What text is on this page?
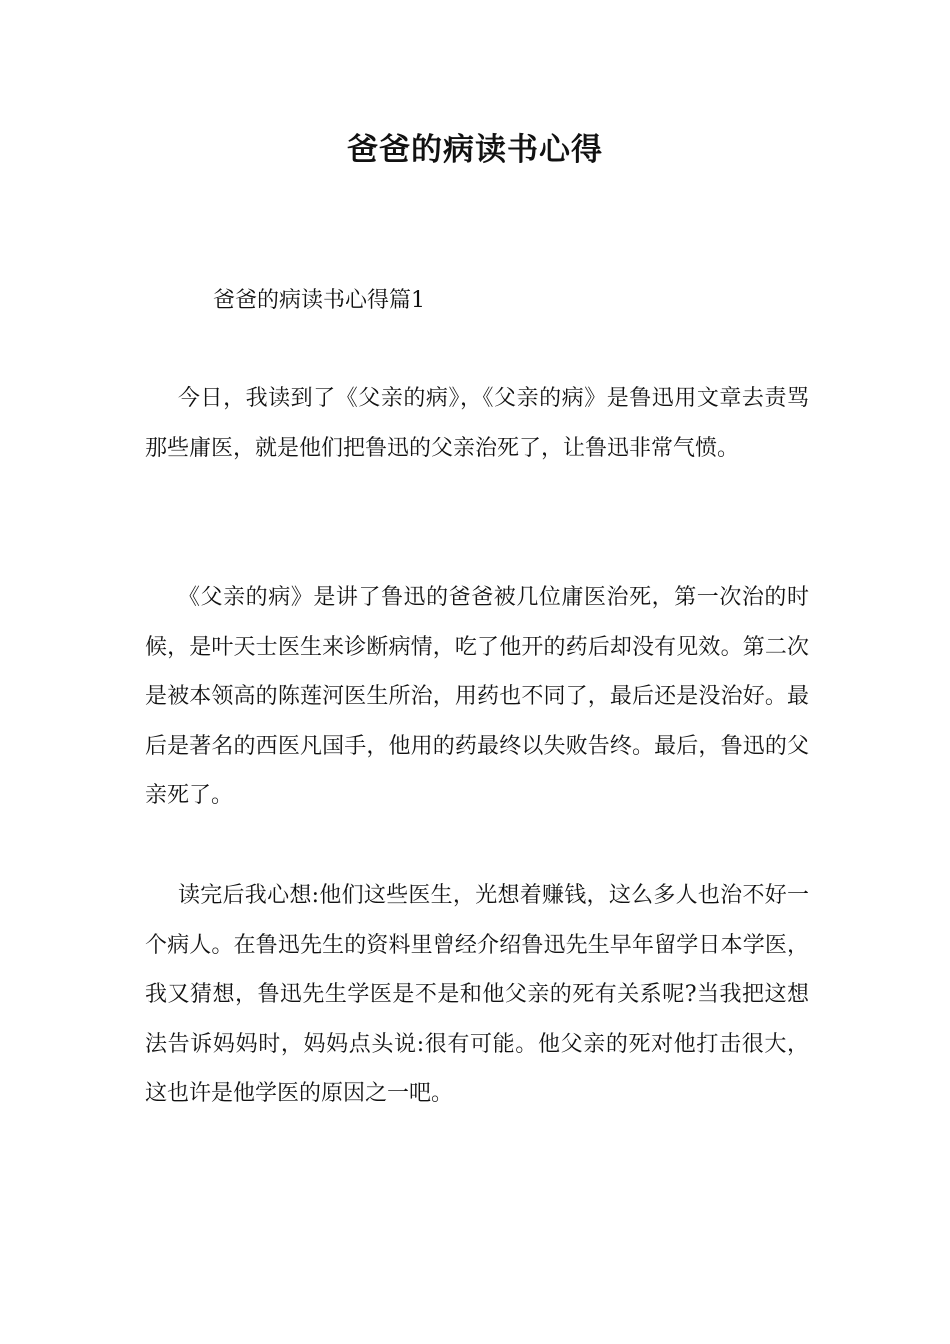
爸爸的病读书心得
爸爸的病读书心得篇1

今日，我读到了《父亲的病》，《父亲的病》是鲁迅用文章去责骂那些庸医，就是他们把鲁迅的父亲治死了，让鲁迅非常气愤。

《父亲的病》是讲了鲁迅的爸爸被几位庸医治死，第一次治的时候，是叶天士医生来诊断病情，吃了他开的药后却没有见效。第二次是被本领高的陈莲河医生所治，用药也不同了，最后还是没治好。最后是著名的西医凡国手，他用的药最终以失败告终。最后，鲁迅的父亲死了。

读完后我心想:他们这些医生，光想着赚钱，这么多人也治不好一个病人。在鲁迅先生的资料里曾经介绍鲁迅先生早年留学日本学医， 我又猜想，鲁迅先生学医是不是和他父亲的死有关系呢?当我把这想法告诉妈妈时，妈妈点头说:很有可能。他父亲的死对他打击很大，这也许是他学医的原因之一吧。
